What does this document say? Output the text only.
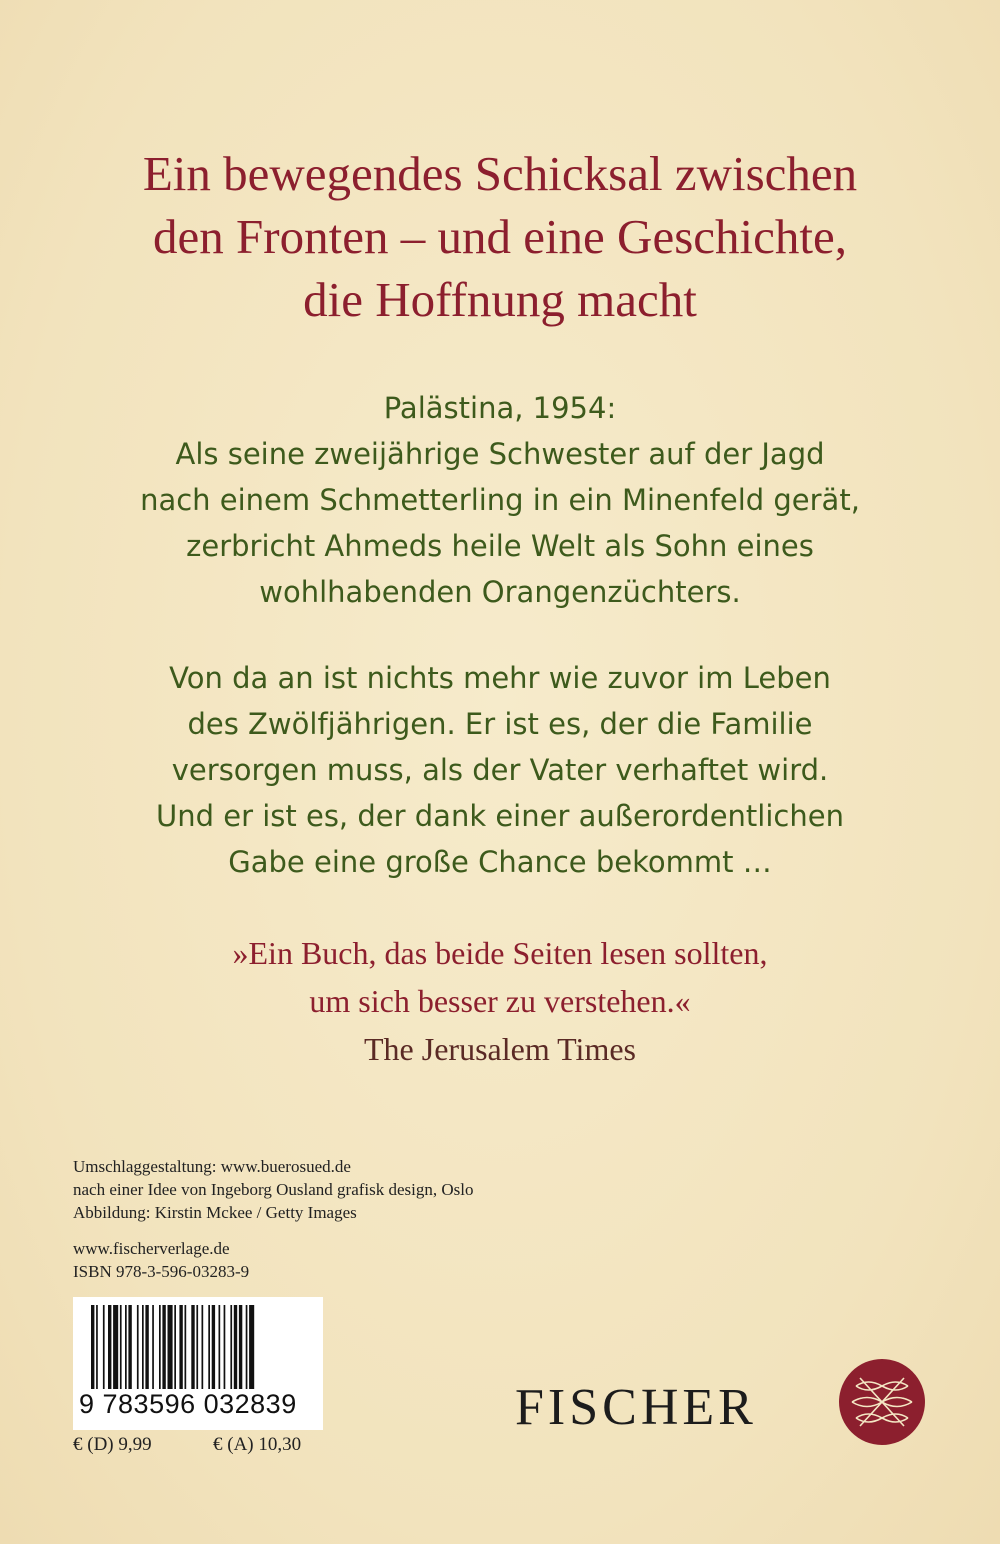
Ein bewegendes Schicksal zwischen
den Fronten – und eine Geschichte,
die Hoffnung macht
Palästina, 1954:
Als seine zweijährige Schwester auf der Jagd
nach einem Schmetterling in ein Minenfeld gerät,
zerbricht Ahmeds heile Welt als Sohn eines
wohlhabenden Orangenzüchters.
Von da an ist nichts mehr wie zuvor im Leben
des Zwölfjährigen. Er ist es, der die Familie
versorgen muss, als der Vater verhaftet wird.
Und er ist es, der dank einer außerordentlichen
Gabe eine große Chance bekommt …
»Ein Buch, das beide Seiten lesen sollten,
um sich besser zu verstehen.«
The Jerusalem Times
Umschlaggestaltung: www.buerosued.de
nach einer Idee von Ingeborg Ousland grafisk design, Oslo
Abbildung: Kirstin Mckee / Getty Images
www.fischerverlage.de
ISBN 978-3-596-03283-9
9 783596 032839
€ (D) 9,99	€ (A) 10,30
FISCHER
